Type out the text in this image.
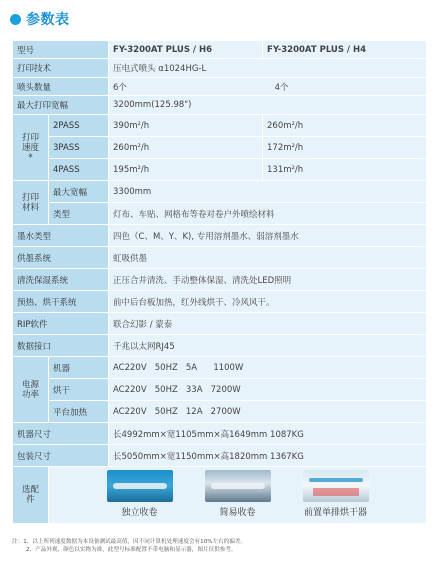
参数表
型号		FY-3200AT PLUS / H6	FY-3200AT PLUS / H4
打印技术		压电式喷头 α1024HG-L	
喷头数量		6个 4个	
最大打印宽幅		3200mm(125.98")	

打印速度*	2PASS	390m²/h	260m²/h
	3PASS	260m²/h	172m²/h
	4PASS	195m²/h	131m²/h

打印材料	最大宽幅	3300mm	
	类型	灯布、车贴、网格布等卷对卷户外喷绘材料	
墨水类型		四色（C、M、Y、K), 专用溶剂墨水、弱溶剂墨水	
供墨系统		虹吸供墨	
清洗保湿系统		正压合并清洗、手动整体保湿、清洗处LED照明	
预热、烘干系统		前中后台板加热，红外线烘干、冷风风干。	
RIP软件		联合幻影 / 蒙泰	
数据接口		千兆以太网RJ45	

电源功率	机器	AC220V   50HZ   5A      1100W	
	烘干	AC220V   50HZ   33A   7200W	
	平台加热	AC220V   50HZ   12A   2700W	
机器尺寸		长4992mm×宽1105mm×高1649mm 1087KG	
包装尺寸		长5050mm×宽1150mm×高1820mm 1367KG	

选配件	独立收卷 简易收卷 前置单排烘干器		
注：1、以上所列速度数据为本设备测试最高值，因不同计算机处理速度会有10%左右的偏差。
2、产品外观、颜色以实物为准，此型号标准配置不带电脑和显示器，图片仅供参考。
